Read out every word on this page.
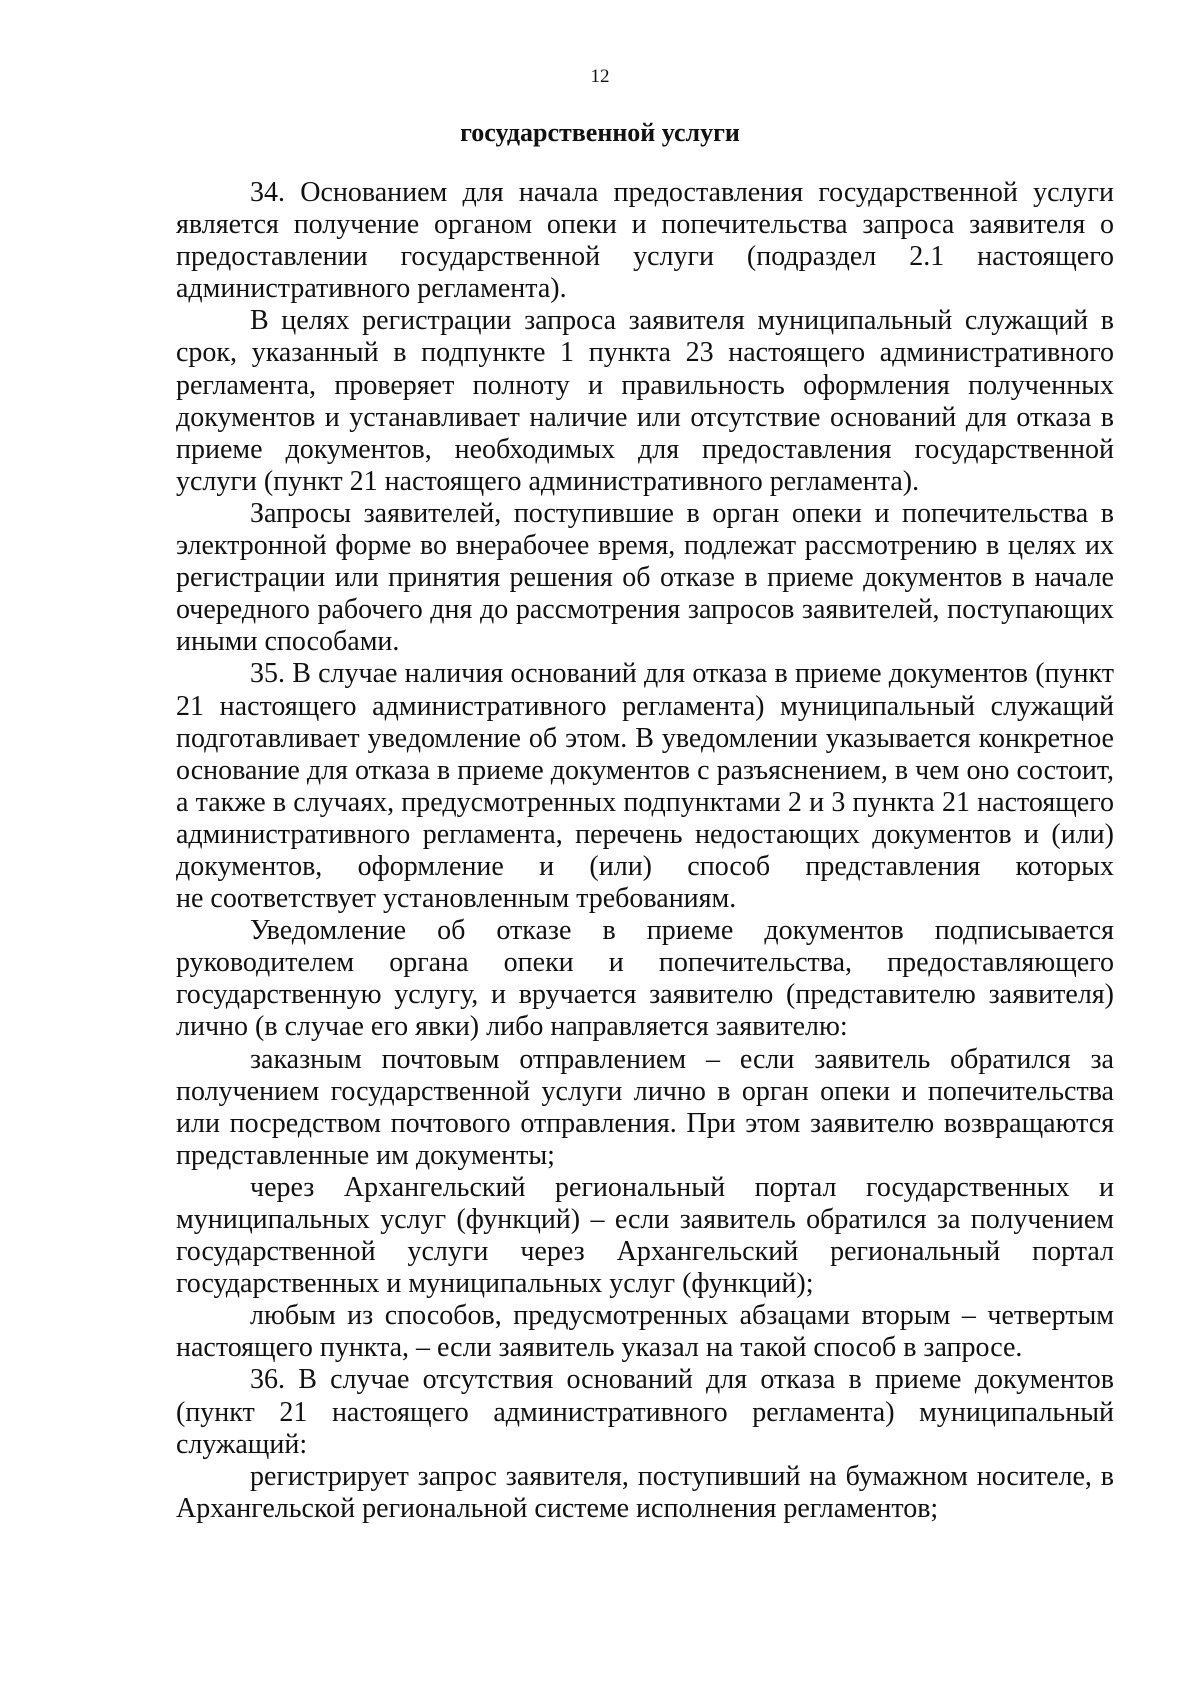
12
государственной услуги

34. Основанием для начала предоставления государственной услуги является получение органом опеки и попечительства запроса заявителя о предоставлении государственной услуги (подраздел 2.1 настоящего административного регламента).

В целях регистрации запроса заявителя муниципальный служащий в срок, указанный в подпункте 1 пункта 23 настоящего административного регламента, проверяет полноту и правильность оформления полученных документов и устанавливает наличие или отсутствие оснований для отказа в приеме документов, необходимых для предоставления государственной услуги (пункт 21 настоящего административного регламента).

Запросы заявителей, поступившие в орган опеки и попечительства в электронной форме во внерабочее время, подлежат рассмотрению в целях их регистрации или принятия решения об отказе в приеме документов в начале очередного рабочего дня до рассмотрения запросов заявителей, поступающих иными способами.

35. В случае наличия оснований для отказа в приеме документов (пункт 21 настоящего административного регламента) муниципальный служащий подготавливает уведомление об этом. В уведомлении указывается конкретное основание для отказа в приеме документов с разъяснением, в чем оно состоит, а также в случаях, предусмотренных подпунктами 2 и 3 пункта 21 настоящего административного регламента, перечень недостающих документов и (или) документов, оформление и (или) способ представления которых

не соответствует установленным требованиям.

Уведомление об отказе в приеме документов подписывается руководителем органа опеки и попечительства, предоставляющего государственную услугу, и вручается заявителю (представителю заявителя) лично (в случае его явки) либо направляется заявителю:

заказным почтовым отправлением – если заявитель обратился за получением государственной услуги лично в орган опеки и попечительства или посредством почтового отправления. При этом заявителю возвращаются представленные им документы;

через Архангельский региональный портал государственных и муниципальных услуг (функций) – если заявитель обратился за получением государственной услуги через Архангельский региональный портал государственных и муниципальных услуг (функций);

любым из способов, предусмотренных абзацами вторым – четвертым настоящего пункта, – если заявитель указал на такой способ в запросе.

36. В случае отсутствия оснований для отказа в приеме документов (пункт 21 настоящего административного регламента) муниципальный служащий:

регистрирует запрос заявителя, поступивший на бумажном носителе, в Архангельской региональной системе исполнения регламентов;
